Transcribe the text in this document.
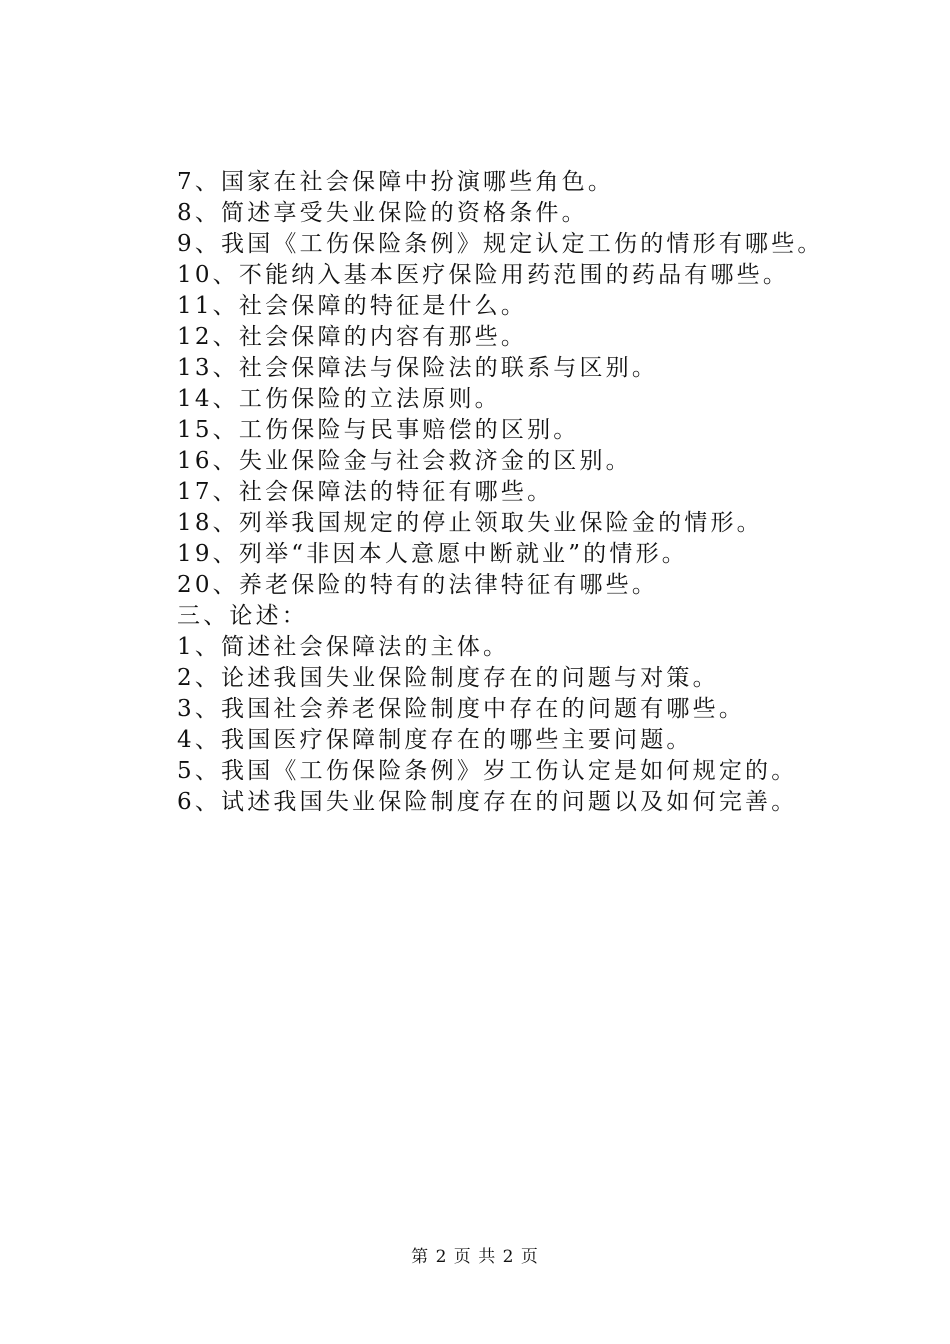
7、国家在社会保障中扮演哪些角色。
8、简述享受失业保险的资格条件。
9、我国《工伤保险条例》规定认定工伤的情形有哪些。
10、不能纳入基本医疗保险用药范围的药品有哪些。
11、社会保障的特征是什么。
12、社会保障的内容有那些。
13、社会保障法与保险法的联系与区别。
14、工伤保险的立法原则。
15、工伤保险与民事赔偿的区别。
16、失业保险金与社会救济金的区别。
17、社会保障法的特征有哪些。
18、列举我国规定的停止领取失业保险金的情形。
19、列举“非因本人意愿中断就业”的情形。
20、养老保险的特有的法律特征有哪些。
三、论述：
1、简述社会保障法的主体。
2、论述我国失业保险制度存在的问题与对策。
3、我国社会养老保险制度中存在的问题有哪些。
4、我国医疗保障制度存在的哪些主要问题。
5、我国《工伤保险条例》岁工伤认定是如何规定的。
6、试述我国失业保险制度存在的问题以及如何完善。
第 2 页 共 2 页
